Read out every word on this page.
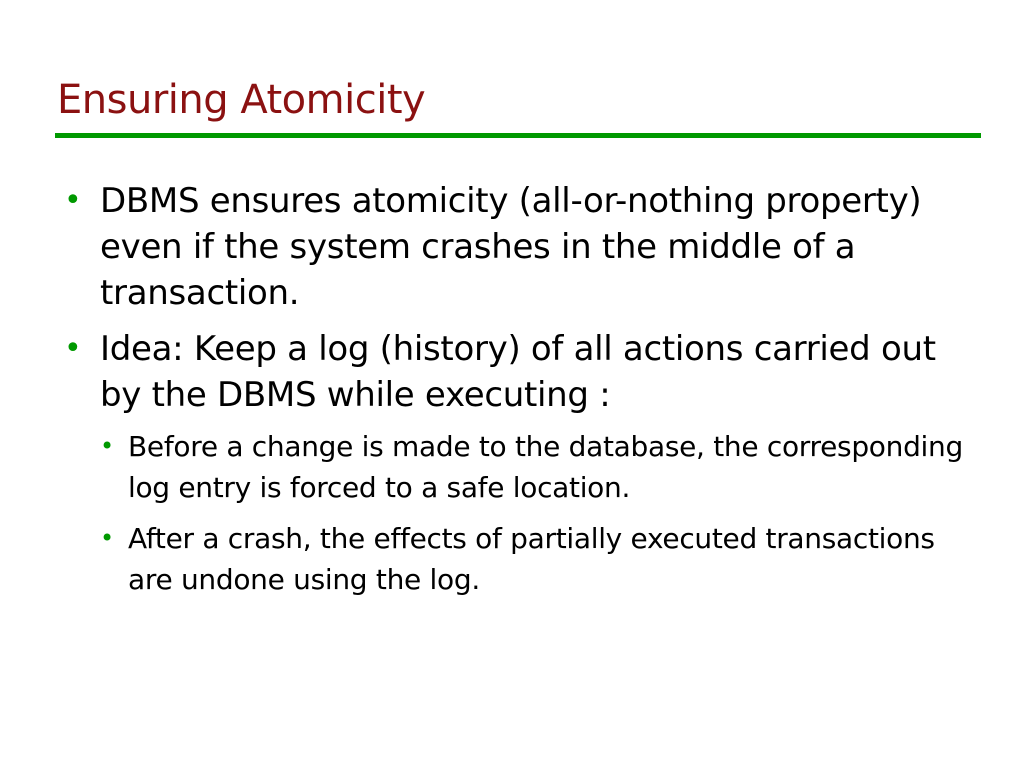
Ensuring Atomicity
• DBMS ensures atomicity (all-or-nothing property) even if the system crashes in the middle of a transaction.
• Idea: Keep a log (history) of all actions carried out by the DBMS while executing :
• Before a change is made to the database, the corresponding log entry is forced to a safe location.
• After a crash, the effects of partially executed transactions are undone using the log.
